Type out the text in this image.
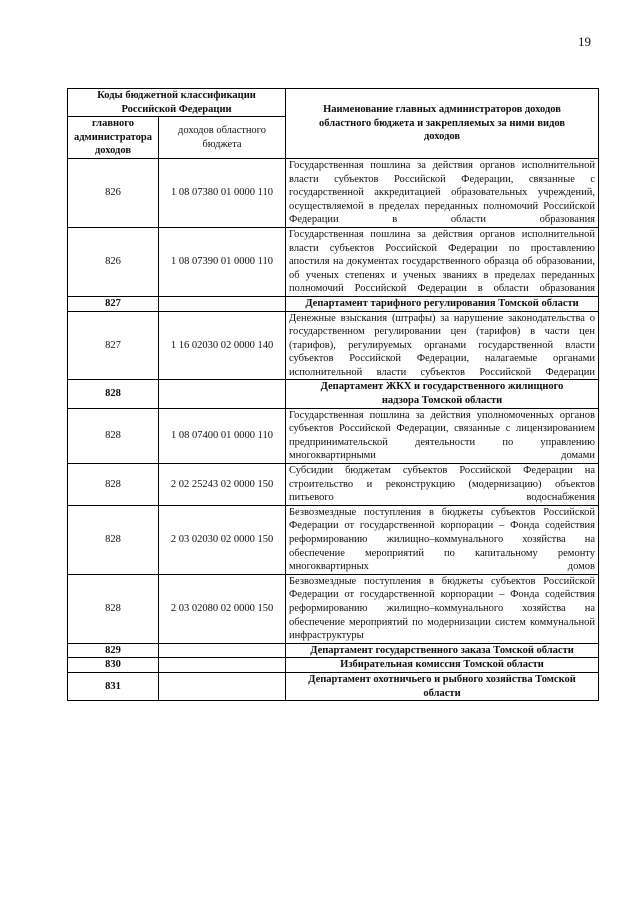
19
Коды бюджетной классификации Российской Федерации		Наименование главных администраторов доходов областного бюджета и закрепляемых за ними видов доходов
главного администратора доходов	доходов областного бюджета	
826	1 08 07380 01 0000 110	Государственная пошлина за действия органов исполнительной власти субъектов Российской Федерации, связанные с государственной аккредитацией образовательных учреждений, осуществляемой в пределах переданных полномочий Российской Федерации в области образования
826	1 08 07390 01 0000 110	Государственная пошлина за действия органов исполнительной власти субъектов Российской Федерации по проставлению апостиля на документах государственного образца об образовании, об ученых степенях и ученых званиях в пределах переданных полномочий Российской Федерации в области образования
827		Департамент тарифного регулирования Томской области
827	1 16 02030 02 0000 140	Денежные взыскания (штрафы) за нарушение законодательства о государственном регулировании цен (тарифов) в части цен (тарифов), регулируемых органами государственной власти субъектов Российской Федерации, налагаемые органами исполнительной власти субъектов Российской Федерации
828		Департамент ЖКХ и государственного жилищного надзора Томской области
828	1 08 07400 01 0000 110	Государственная пошлина за действия уполномоченных органов субъектов Российской Федерации, связанные с лицензированием предпринимательской деятельности по управлению многоквартирными домами
828	2 02 25243 02 0000 150	Субсидии бюджетам субъектов Российской Федерации на строительство и реконструкцию (модернизацию) объектов питьевого водоснабжения
828	2 03 02030 02 0000 150	Безвозмездные поступления в бюджеты субъектов Российской Федерации от государственной корпорации – Фонда содействия реформированию жилищно–коммунального хозяйства на обеспечение мероприятий по капитальному ремонту многоквартирных домов
828	2 03 02080 02 0000 150	Безвозмездные поступления в бюджеты субъектов Российской Федерации от государственной корпорации – Фонда содействия реформированию жилищно–коммунального хозяйства на обеспечение мероприятий по модернизации систем коммунальной инфраструктуры
829		Департамент государственного заказа Томской области
830		Избирательная комиссия Томской области
831		Департамент охотничьего и рыбного хозяйства Томской области
